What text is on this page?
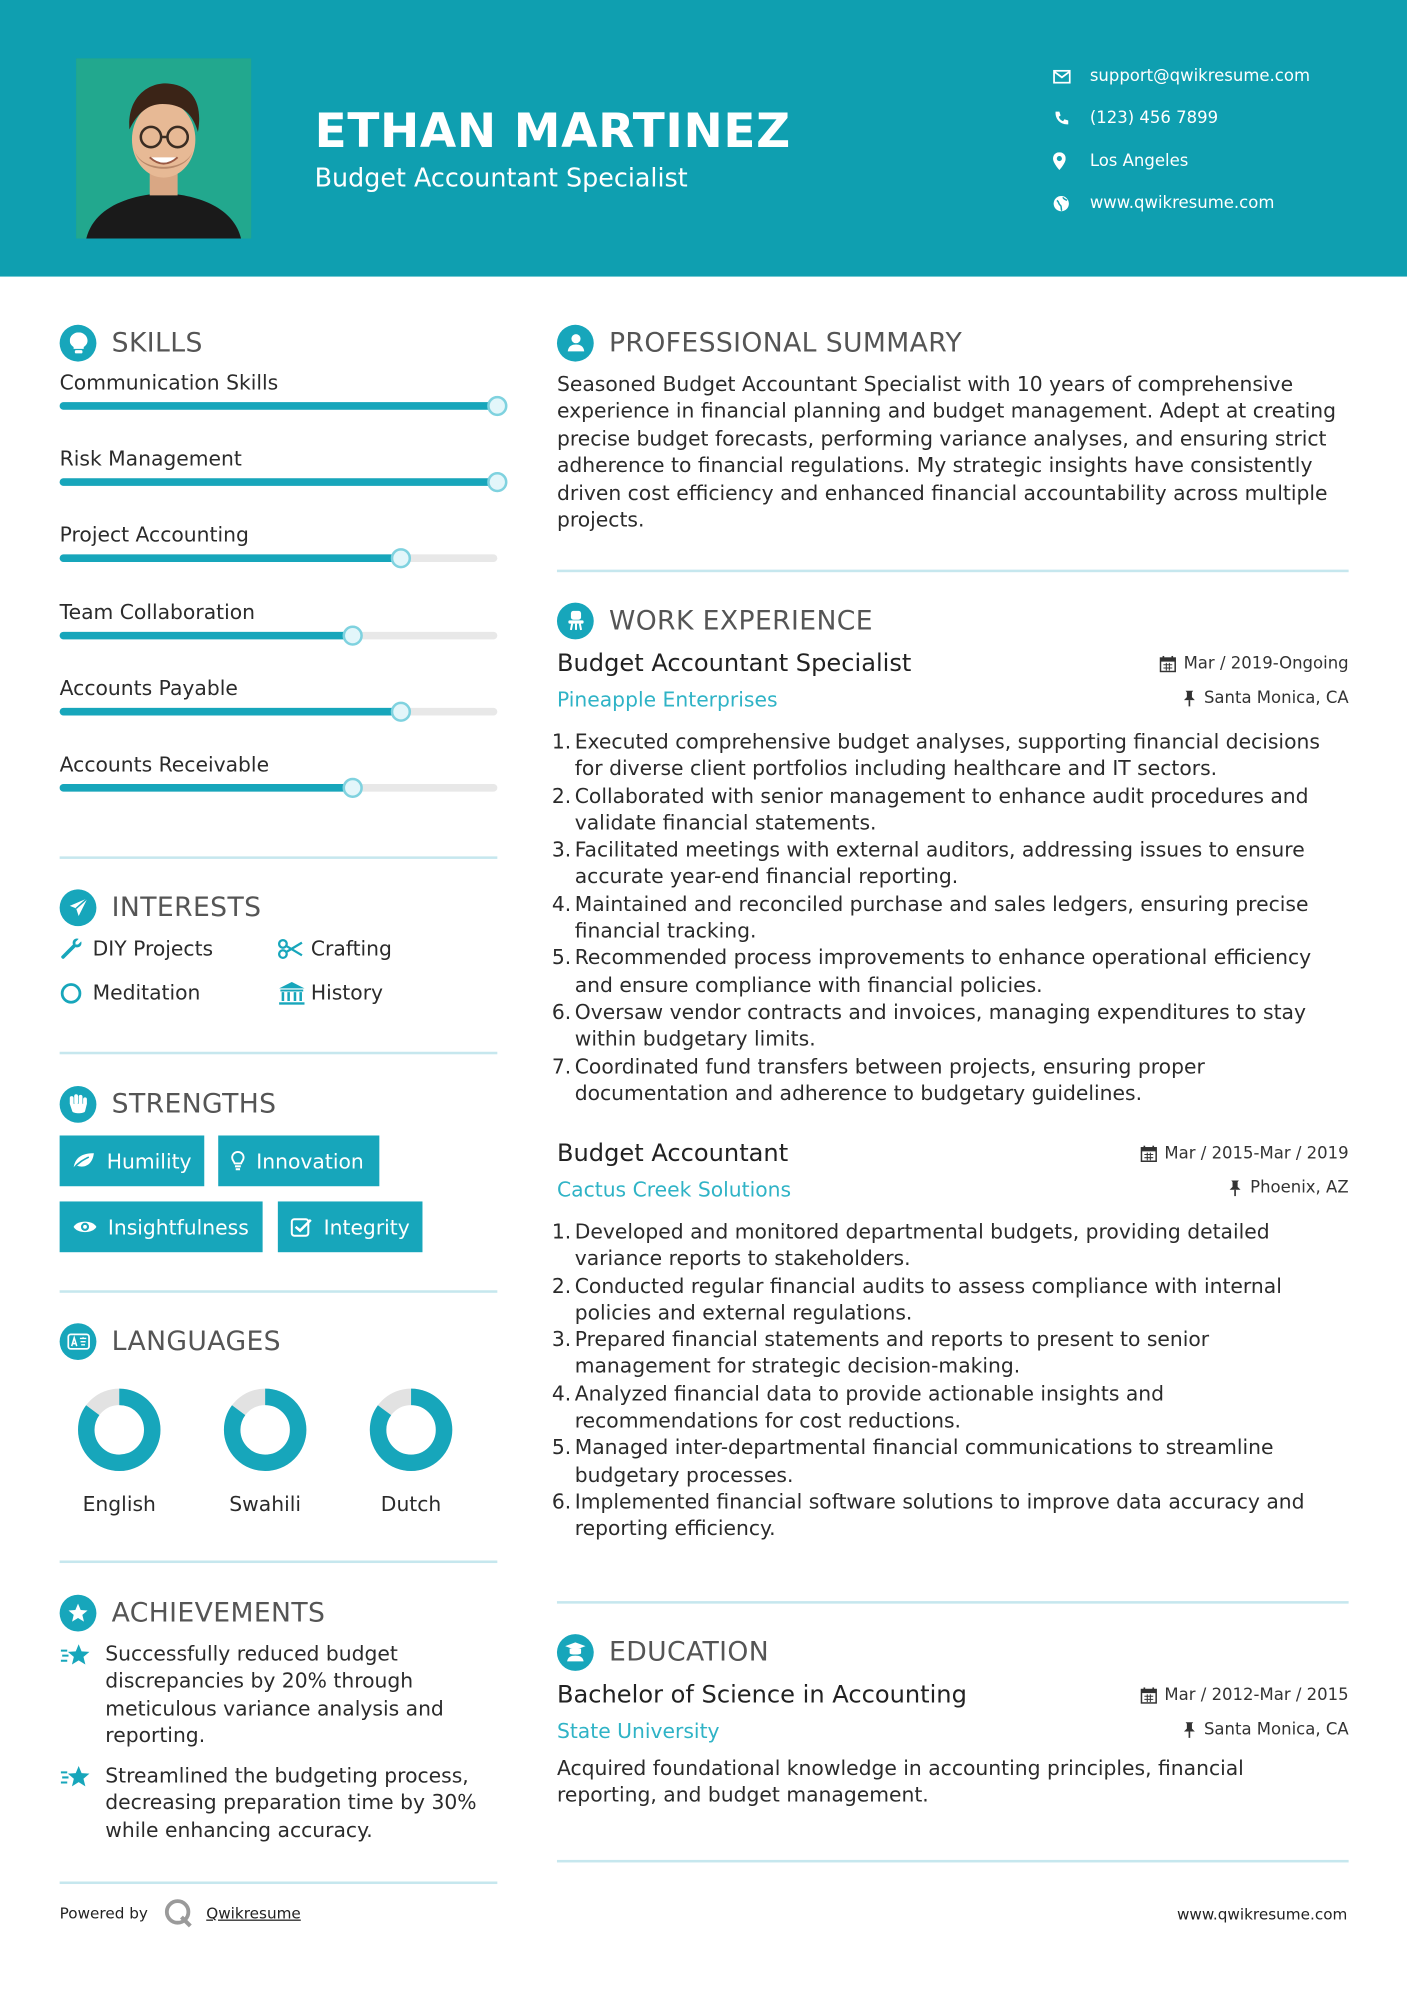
ETHAN MARTINEZ
Budget Accountant Specialist
support@qwikresume.com
(123) 456 7899
Los Angeles
www.qwikresume.com
SKILLS
Communication Skills
Risk Management
Project Accounting
Team Collaboration
Accounts Payable
Accounts Receivable
INTERESTS
DIY Projects	Crafting
Meditation	History
STRENGTHS
Humility	Innovation
Insightfulness	Integrity
LANGUAGES
English	Swahili	Dutch
ACHIEVEMENTS
Successfully reduced budget discrepancies by 20% through meticulous variance analysis and reporting.
Streamlined the budgeting process, decreasing preparation time by 30% while enhancing accuracy.
PROFESSIONAL SUMMARY
Seasoned Budget Accountant Specialist with 10 years of comprehensive experience in financial planning and budget management. Adept at creating precise budget forecasts, performing variance analyses, and ensuring strict adherence to financial regulations. My strategic insights have consistently driven cost efficiency and enhanced financial accountability across multiple projects.
WORK EXPERIENCE
Budget Accountant Specialist	Mar / 2019-Ongoing
Pineapple Enterprises	Santa Monica, CA
1. Executed comprehensive budget analyses, supporting financial decisions for diverse client portfolios including healthcare and IT sectors.
2. Collaborated with senior management to enhance audit procedures and validate financial statements.
3. Facilitated meetings with external auditors, addressing issues to ensure accurate year-end financial reporting.
4. Maintained and reconciled purchase and sales ledgers, ensuring precise financial tracking.
5. Recommended process improvements to enhance operational efficiency and ensure compliance with financial policies.
6. Oversaw vendor contracts and invoices, managing expenditures to stay within budgetary limits.
7. Coordinated fund transfers between projects, ensuring proper documentation and adherence to budgetary guidelines.
Budget Accountant	Mar / 2015-Mar / 2019
Cactus Creek Solutions	Phoenix, AZ
1. Developed and monitored departmental budgets, providing detailed variance reports to stakeholders.
2. Conducted regular financial audits to assess compliance with internal policies and external regulations.
3. Prepared financial statements and reports to present to senior management for strategic decision-making.
4. Analyzed financial data to provide actionable insights and recommendations for cost reductions.
5. Managed inter-departmental financial communications to streamline budgetary processes.
6. Implemented financial software solutions to improve data accuracy and reporting efficiency.
EDUCATION
Bachelor of Science in Accounting	Mar / 2012-Mar / 2015
State University	Santa Monica, CA
Acquired foundational knowledge in accounting principles, financial reporting, and budget management.
Powered by	Qwikresume	www.qwikresume.com
